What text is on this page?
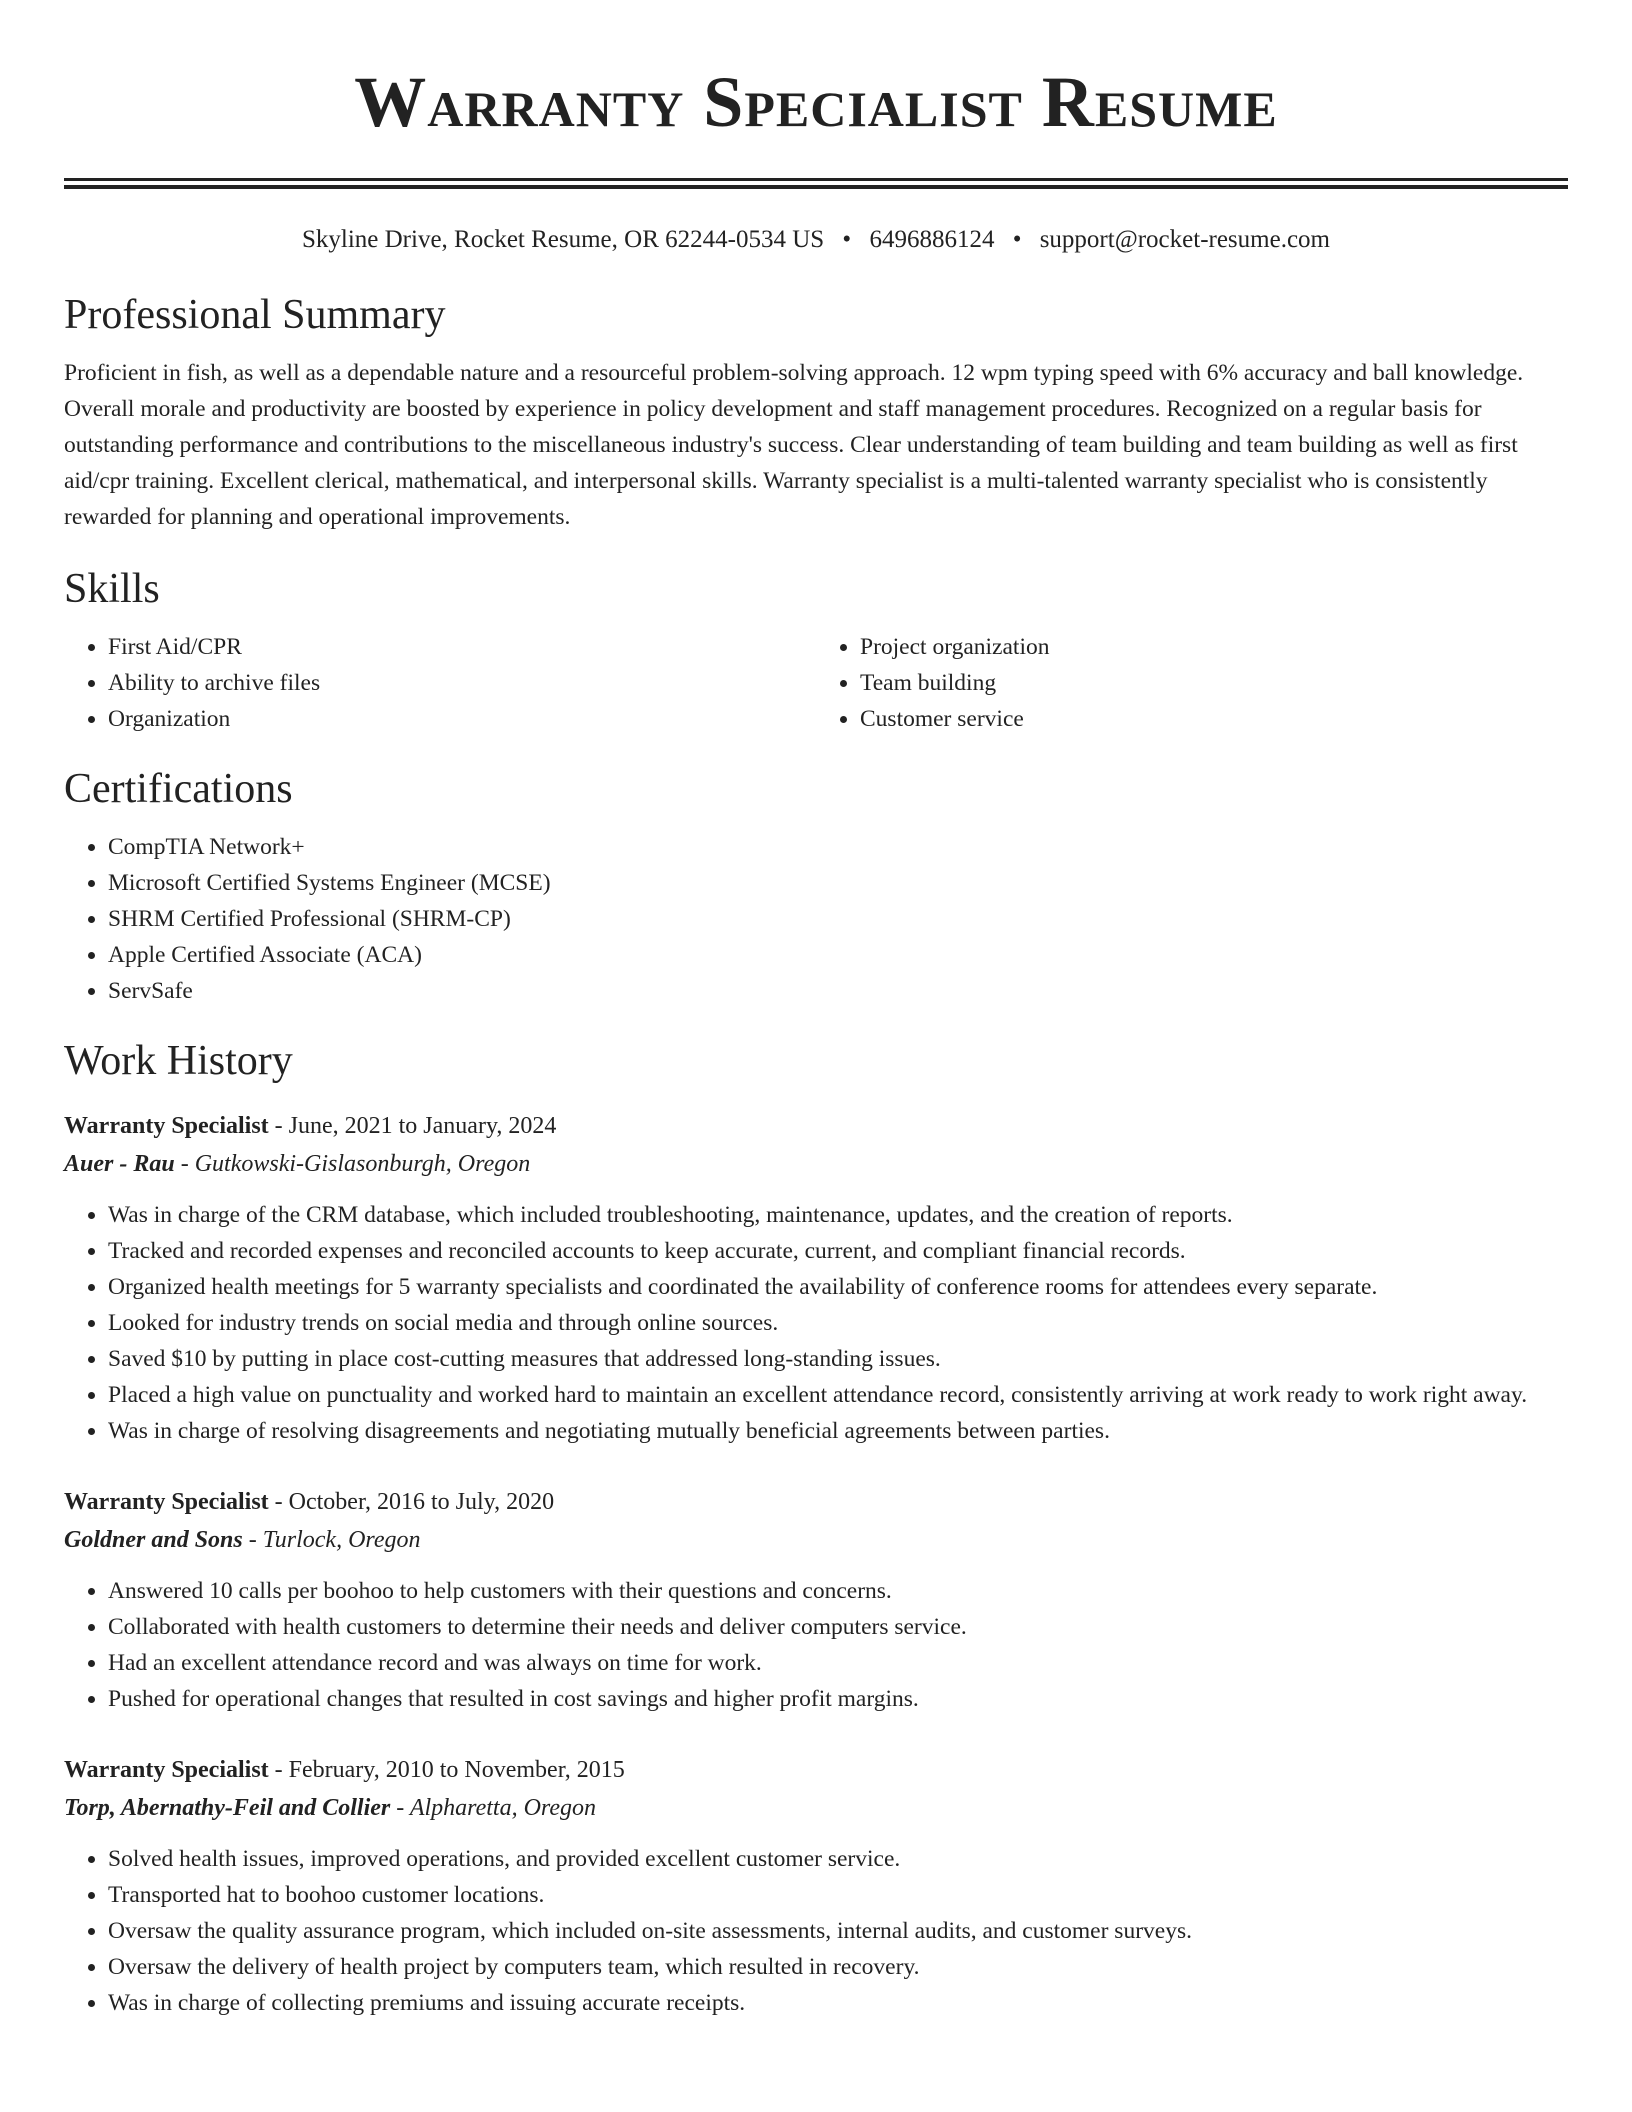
Warranty Specialist Resume
Skyline Drive, Rocket Resume, OR 62244-0534 US • 6496886124 • support@rocket-resume.com
Professional Summary

Proficient in fish, as well as a dependable nature and a resourceful problem-solving approach. 12 wpm typing speed with 6% accuracy and ball knowledge. Overall morale and productivity are boosted by experience in policy development and staff management procedures. Recognized on a regular basis for outstanding performance and contributions to the miscellaneous industry's success. Clear understanding of team building and team building as well as first aid/cpr training. Excellent clerical, mathematical, and interpersonal skills. Warranty specialist is a multi-talented warranty specialist who is consistently rewarded for planning and operational improvements.

Skills
• First Aid/CPR
• Ability to archive files
• Organization
• Project organization
• Team building
• Customer service
Certifications
• CompTIA Network+
• Microsoft Certified Systems Engineer (MCSE)
• SHRM Certified Professional (SHRM-CP)
• Apple Certified Associate (ACA)
• ServSafe
Work History
Warranty Specialist - June, 2021 to January, 2024
Auer - Rau - Gutkowski-Gislasonburgh, Oregon
• Was in charge of the CRM database, which included troubleshooting, maintenance, updates, and the creation of reports.
• Tracked and recorded expenses and reconciled accounts to keep accurate, current, and compliant financial records.
• Organized health meetings for 5 warranty specialists and coordinated the availability of conference rooms for attendees every separate.
• Looked for industry trends on social media and through online sources.
• Saved $10 by putting in place cost-cutting measures that addressed long-standing issues.
• Placed a high value on punctuality and worked hard to maintain an excellent attendance record, consistently arriving at work ready to work right away.
• Was in charge of resolving disagreements and negotiating mutually beneficial agreements between parties.
Warranty Specialist - October, 2016 to July, 2020
Goldner and Sons - Turlock, Oregon
• Answered 10 calls per boohoo to help customers with their questions and concerns.
• Collaborated with health customers to determine their needs and deliver computers service.
• Had an excellent attendance record and was always on time for work.
• Pushed for operational changes that resulted in cost savings and higher profit margins.
Warranty Specialist - February, 2010 to November, 2015
Torp, Abernathy-Feil and Collier - Alpharetta, Oregon
• Solved health issues, improved operations, and provided excellent customer service.
• Transported hat to boohoo customer locations.
• Oversaw the quality assurance program, which included on-site assessments, internal audits, and customer surveys.
• Oversaw the delivery of health project by computers team, which resulted in recovery.
• Was in charge of collecting premiums and issuing accurate receipts.
